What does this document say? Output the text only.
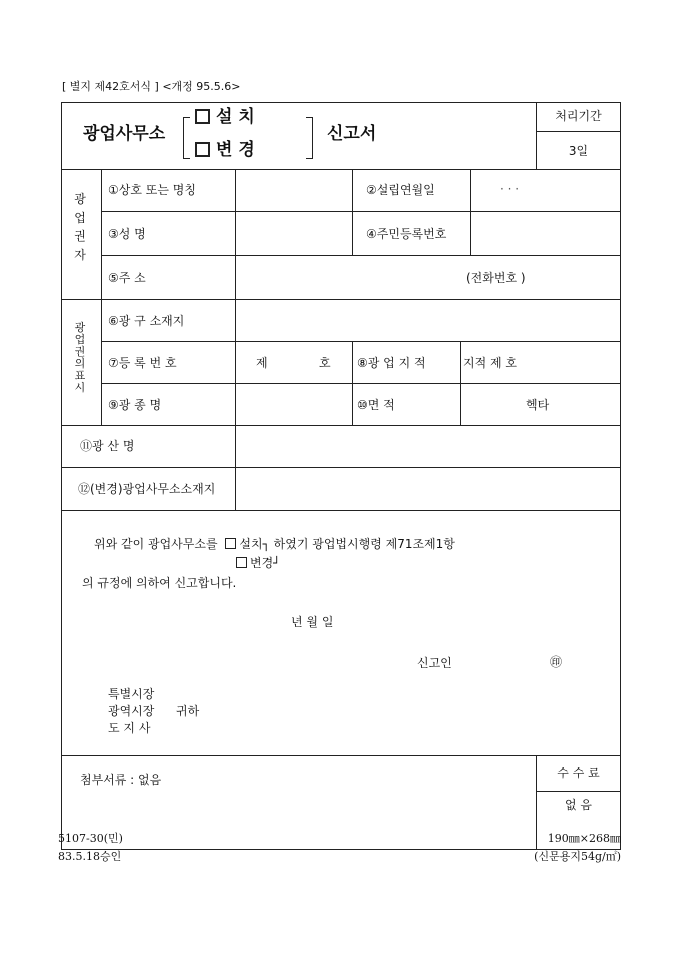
[ 별지 제42호서식 ] <개정 95.5.6>
광업사무소
설 치
변 경
신고서
처리기간
3일
광업권자
①상호 또는 명칭	②설립연월일	· · ·
③성 명	④주민등록번호
⑤주 소	(전화번호 )
광업권의표시
⑥광 구 소재지
⑦등 록 번 호	제	호 ⑧광 업 지 적	지적 제 호
⑨광 종 명	⑩면 적	헥타
⑪광 산 명
⑫(변경)광업사무소소재지
위와 같이 광업사무소를 설치┐ 하였기 광업법시행령 제71조제1항
변경┘
의 규정에 의하여 신고합니다.
년 월 일
신고인	㊞
특별시장
광역시장
도 지 사
귀하
첨부서류 : 없음	수 수 료
없 음
5107-30(민)
83.5.18승인
190㎜×268㎜
(신문용지54g/㎡)
